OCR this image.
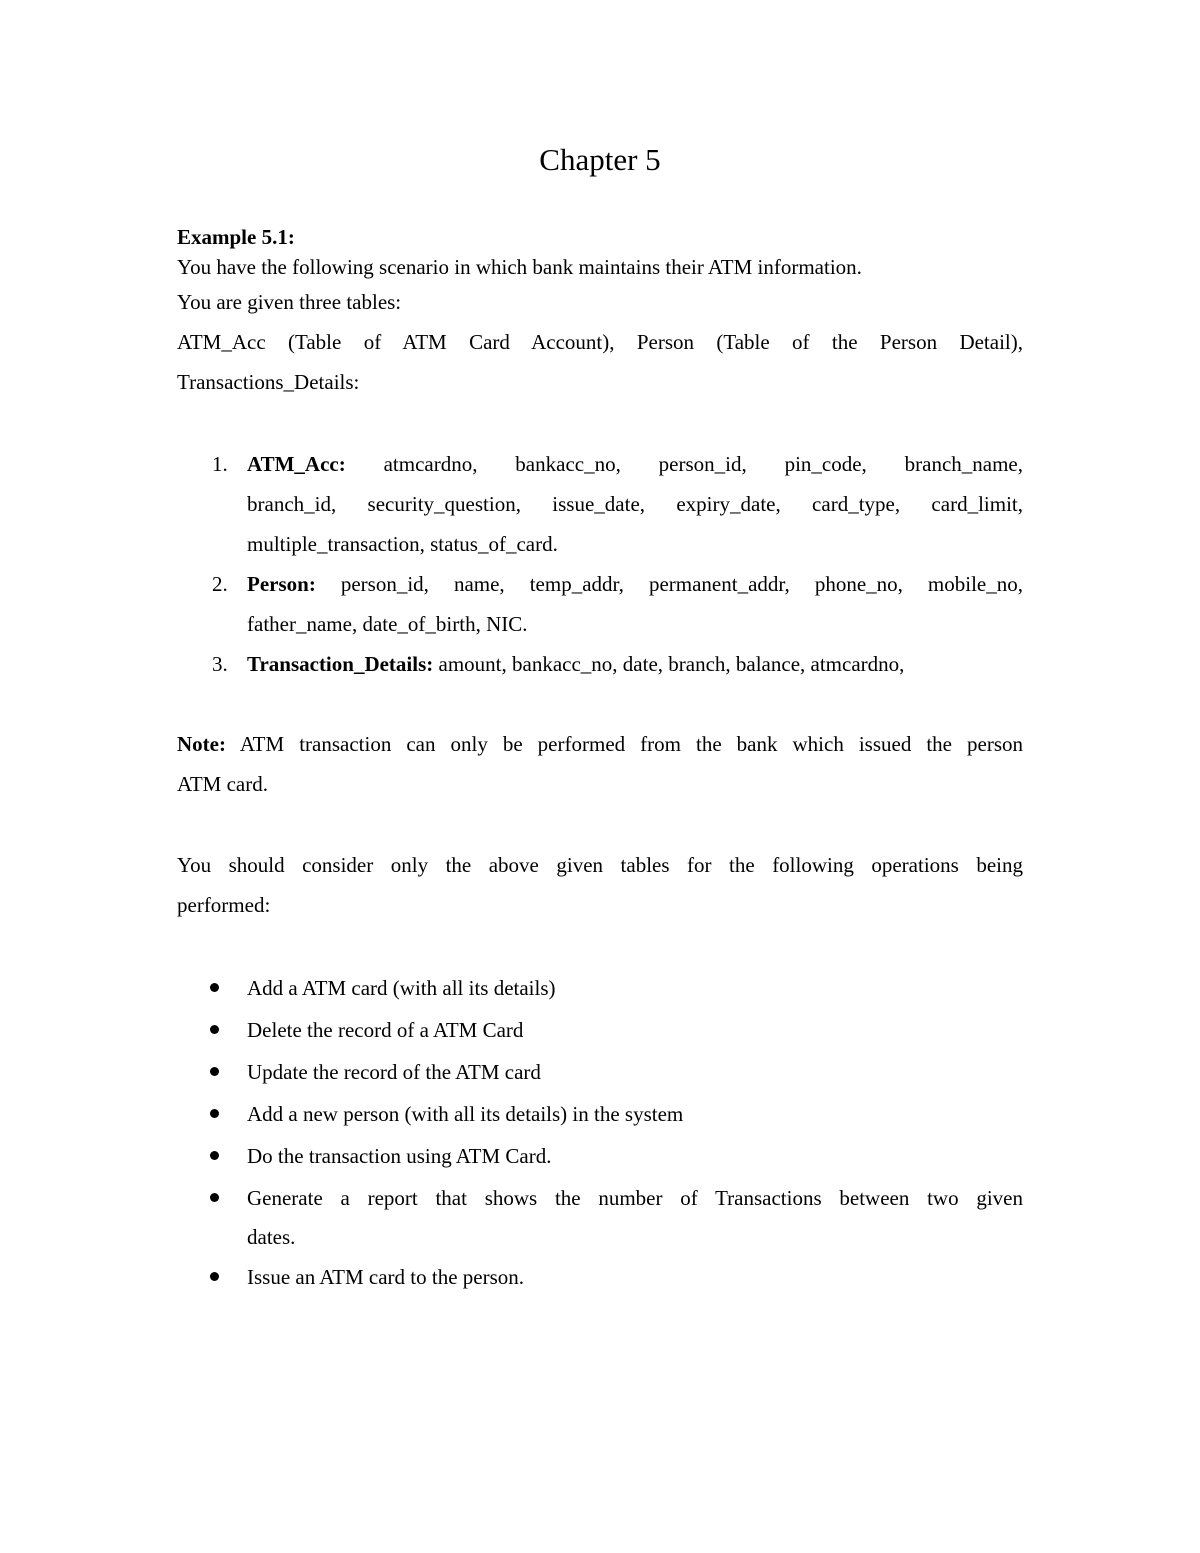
Chapter 5
Example 5.1:
You have the following scenario in which bank maintains their ATM information.
You are given three tables:
ATM_Acc (Table of ATM Card Account), Person (Table of the Person Detail),
Transactions_Details:
1. ATM_Acc: atmcardno, bankacc_no, person_id, pin_code, branch_name,
branch_id, security_question, issue_date, expiry_date, card_type, card_limit,
multiple_transaction, status_of_card.
2. Person: person_id, name, temp_addr, permanent_addr, phone_no, mobile_no,
father_name, date_of_birth, NIC.
3. Transaction_Details: amount, bankacc_no, date, branch, balance, atmcardno,
Note: ATM transaction can only be performed from the bank which issued the person
ATM card.
You should consider only the above given tables for the following operations being
performed:
Add a ATM card (with all its details)
Delete the record of a ATM Card
Update the record of the ATM card
Add a new person (with all its details) in the system
Do the transaction using ATM Card.
Generate a report that shows the number of Transactions between two given
dates.
Issue an ATM card to the person.
